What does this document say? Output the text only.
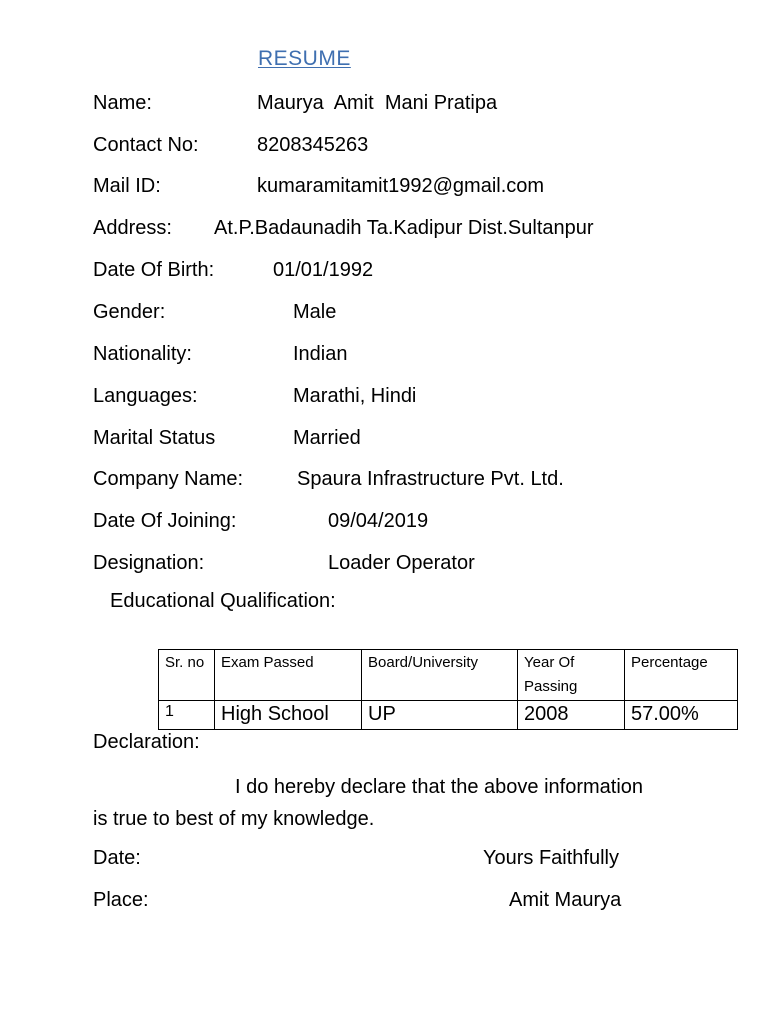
RESUME
Name:	Maurya  Amit  Mani Pratipa
Contact No:	8208345263
Mail ID:	kumaramitamit1992@gmail.com
Address: At.P.Badaunadih Ta.Kadipur Dist.Sultanpur
Date Of Birth:	01/01/1992
Gender:	Male
Nationality:	Indian
Languages:	Marathi, Hindi
Marital Status	Married
Company Name:	Spaura Infrastructure Pvt. Ltd.
Date Of Joining:	09/04/2019
Designation:	Loader Operator
Educational Qualification:
Sr. no	Exam Passed	Board/University	Year Of Passing	Percentage
1	High School	UP	2008	57.00%
Declaration:
I do hereby declare that the above information is true to best of my knowledge.
Date:	Yours Faithfully
Place:	Amit Maurya
